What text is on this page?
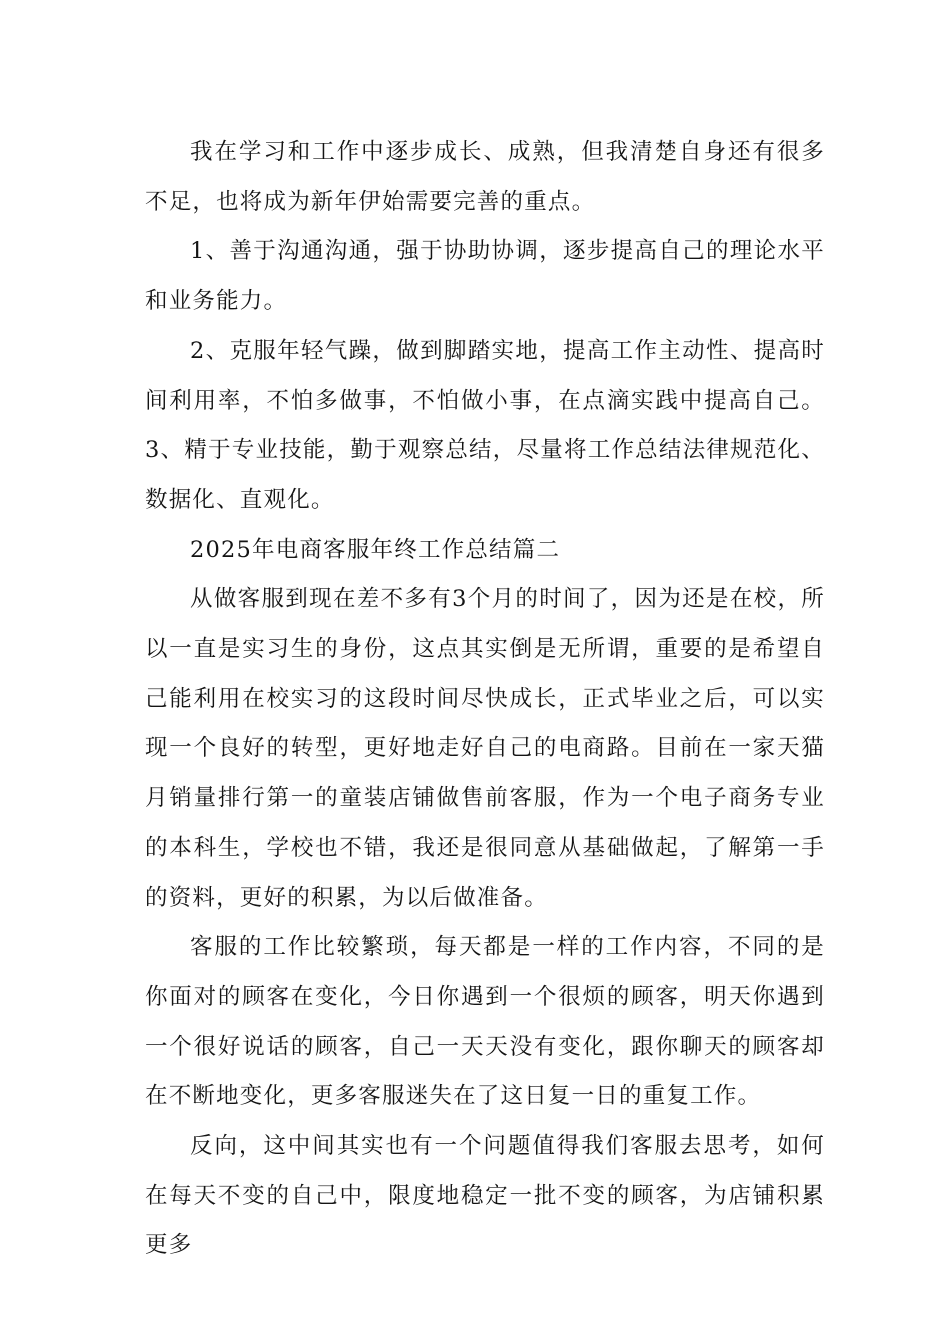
我在学习和工作中逐步成长、成熟，但我清楚自身还有很多不足，也将成为新年伊始需要完善的重点。

1、善于沟通沟通，强于协助协调，逐步提高自己的理论水平和业务能力。

2、克服年轻气躁，做到脚踏实地，提高工作主动性、提高时间利用率，不怕多做事，不怕做小事，在点滴实践中提高自己。3、精于专业技能，勤于观察总结，尽量将工作总结法律规范化、数据化、直观化。

2025年电商客服年终工作总结篇二

从做客服到现在差不多有3个月的时间了，因为还是在校，所以一直是实习生的身份，这点其实倒是无所谓，重要的是希望自己能利用在校实习的这段时间尽快成长，正式毕业之后，可以实现一个良好的转型，更好地走好自己的电商路。目前在一家天猫月销量排行第一的童装店铺做售前客服，作为一个电子商务专业的本科生，学校也不错，我还是很同意从基础做起，了解第一手的资料，更好的积累，为以后做准备。

客服的工作比较繁琐，每天都是一样的工作内容，不同的是你面对的顾客在变化，今日你遇到一个很烦的顾客，明天你遇到一个很好说话的顾客，自己一天天没有变化，跟你聊天的顾客却在不断地变化，更多客服迷失在了这日复一日的重复工作。

反向，这中间其实也有一个问题值得我们客服去思考，如何在每天不变的自己中，限度地稳定一批不变的顾客，为店铺积累更多
